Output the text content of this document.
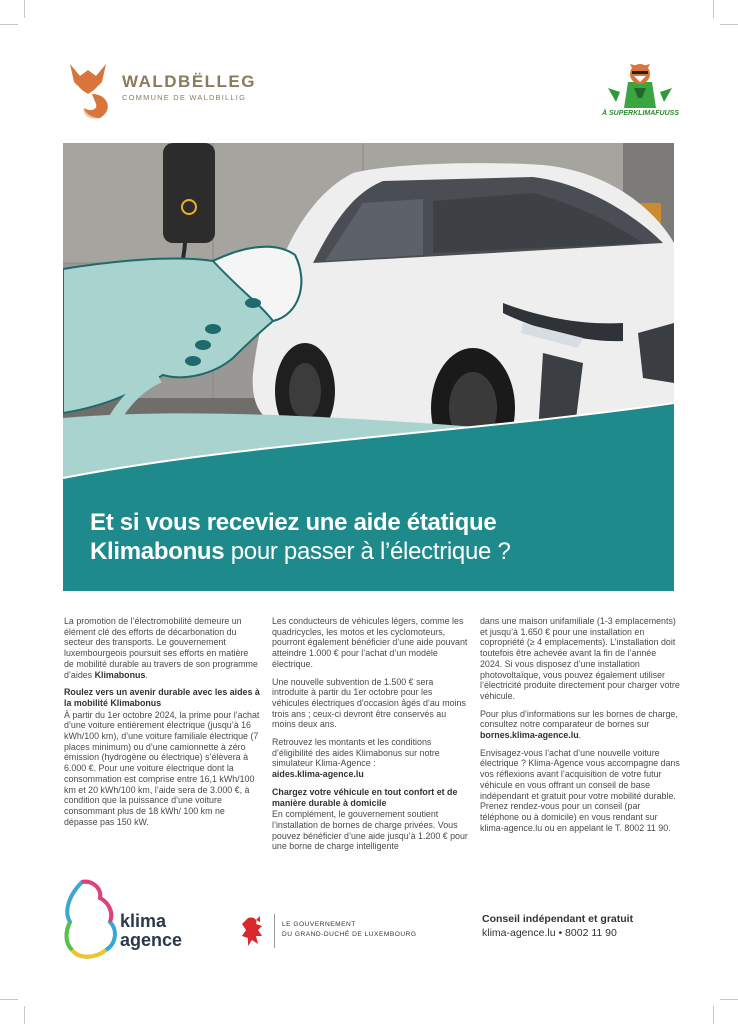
WALDBËLLEG
COMMUNE DE WALDBILLIG
Ä SUPERKLIMAFUUSS
Et si vous receviez une aide étatique
Klimabonus pour passer à l’électrique ?

La promotion de l’électromobilité demeure un élément clé des efforts de décarbonation du secteur des transports. Le gouvernement luxembourgeois poursuit ses efforts en matière de mobilité durable au travers de son programme d’aides Klimabonus.

Roulez vers un avenir durable avec les aides à la mobilité Klimabonus

À partir du 1er octobre 2024, la prime pour l’achat d’une voiture entièrement électrique (jusqu’à 16 kWh/100 km), d’une voiture familiale électrique (7 places minimum) ou d’une camionnette à zéro émission (hydrogène ou électrique) s’élèvera à 6.000 €. Pour une voiture électrique dont la consommation est comprise entre 16,1 kWh/100 km et 20 kWh/100 km, l’aide sera de 3.000 €, à condition que la puissance d’une voiture consommant plus de 18 kWh/ 100 km ne dépasse pas 150 kW.

Les conducteurs de véhicules légers, comme les quadricycles, les motos et les cyclomoteurs, pourront également bénéficier d’une aide pouvant atteindre 1.000 € pour l’achat d’un modèle électrique.

Une nouvelle subvention de 1.500 € sera introduite à partir du 1er octobre pour les véhicules électriques d’occasion âgés d’au moins trois ans ; ceux-ci devront être conservés au moins deux ans.

Retrouvez les montants et les conditions d’éligibilité des aides Klimabonus sur notre simulateur Klima-Agence :
aides.klima-agence.lu

Chargez votre véhicule en tout confort et de manière durable à domicile

En complément, le gouvernement soutient l’installation de bornes de charge privées. Vous pouvez bénéficier d’une aide jusqu’à 1.200 € pour une borne de charge intelligente

dans une maison unifamiliale (1-3 emplacements) et jusqu’à 1.650 € pour une installation en copropriété (≥ 4 emplacements). L’installation doit toutefois être achevée avant la fin de l’année 2024. Si vous disposez d’une installation photovoltaïque, vous pouvez également utiliser l’électricité produite directement pour charger votre véhicule.

Pour plus d’informations sur les bornes de charge, consultez notre comparateur de bornes sur bornes.klima-agence.lu.

Envisagez-vous l’achat d’une nouvelle voiture électrique ? Klima-Agence vous accompagne dans vos réflexions avant l’acquisition de votre futur véhicule en vous offrant un conseil de base indépendant et gratuit pour votre mobilité durable. Prenez rendez-vous pour un conseil (par téléphone ou à domicile) en vous rendant sur klima-agence.lu ou en appelant le T. 8002 11 90.

klima
agence
LE GOUVERNEMENT
DU GRAND-DUCHÉ DE LUXEMBOURG
Conseil indépendant et gratuit
klima-agence.lu • 8002 11 90
